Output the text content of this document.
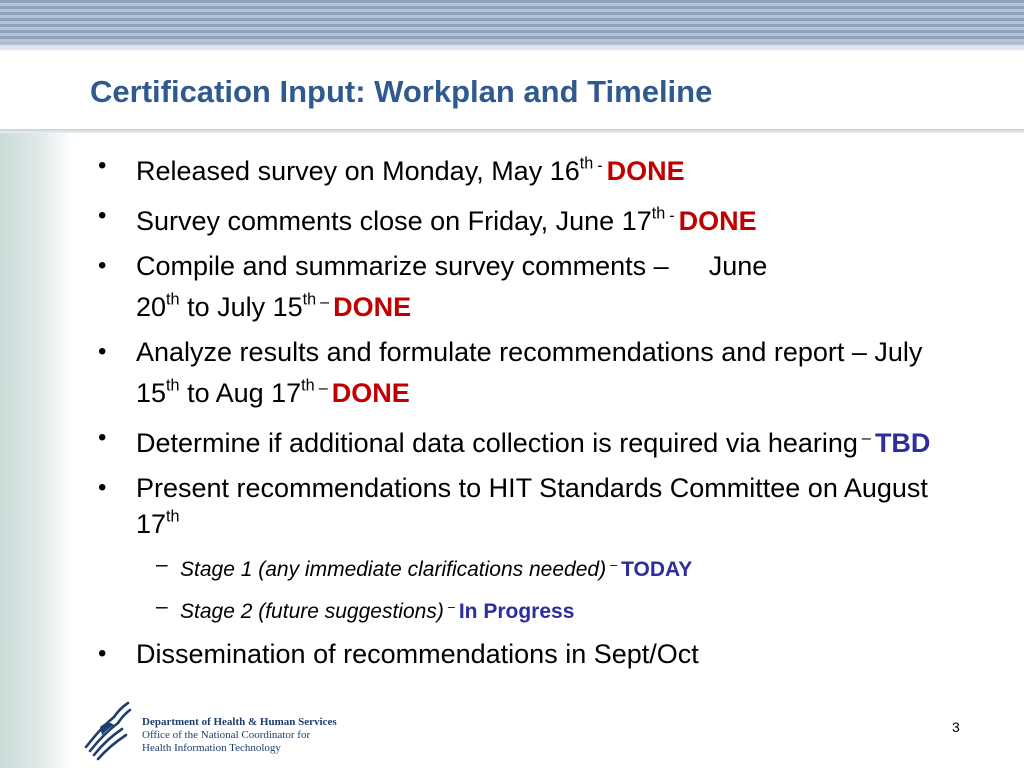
Certification Input: Workplan and Timeline
• Released survey on Monday, May 16th - DONE
• Survey comments close on Friday, June 17th - DONE
• Compile and summarize survey comments – June
20th to July 15th – DONE
• Analyze results and formulate recommendations and report – July 15th to Aug 17th – DONE
• Determine if additional data collection is required via hearing – TBD
• Present recommendations to HIT Standards Committee on August 17th
– Stage 1 (any immediate clarifications needed) – TODAY
– Stage 2 (future suggestions) – In Progress
• Dissemination of recommendations in Sept/Oct
Department of Health & Human Services
Office of the National Coordinator for
Health Information Technology
3
